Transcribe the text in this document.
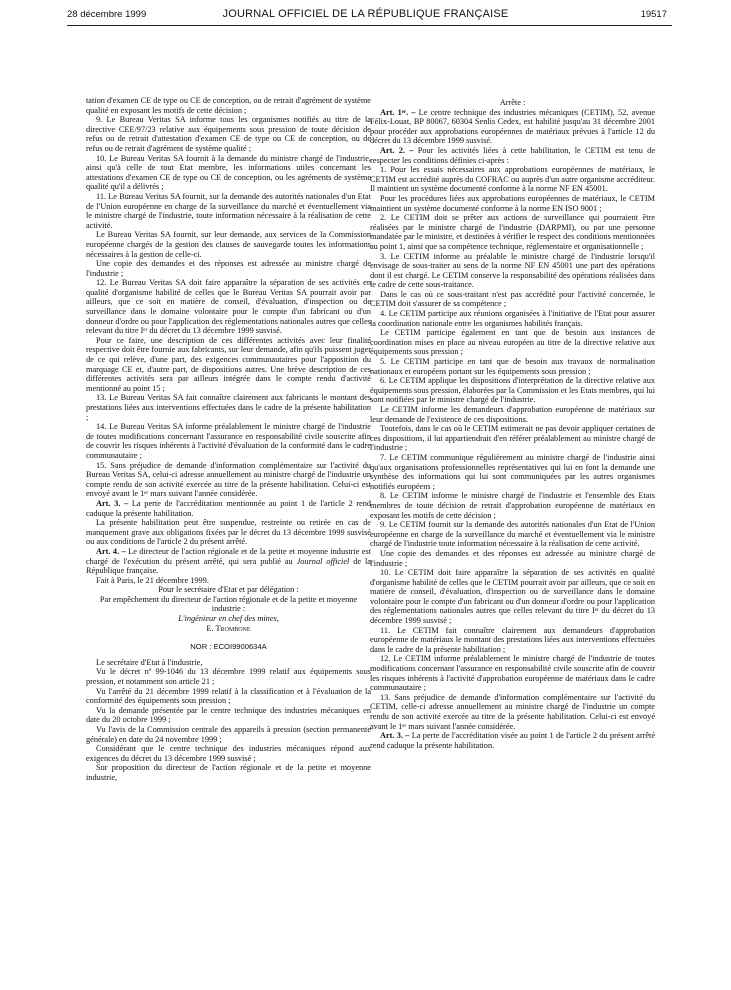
28 décembre 1999	JOURNAL OFFICIEL DE LA RÉPUBLIQUE FRANÇAISE	19517

tation d'examen CE de type ou CE de conception, ou de retrait d'agrément de système qualité en exposant les motifs de cette décision ;

9. Le Bureau Veritas SA informe tous les organismes notifiés au titre de la directive CEE/97/23 relative aux équipements sous pression de toute décision de refus ou de retrait d'attestation d'examen CE de type ou CE de conception, ou de refus ou de retrait d'agrément de système qualité ;

10. Le Bureau Veritas SA fournit à la demande du ministre chargé de l'industrie, ainsi qu'à celle de tout Etat membre, les informations utiles concernant les attestations d'examen CE de type ou CE de conception, ou les agréments de système qualité qu'il a délivrés ;

11. Le Bureau Veritas SA fournit, sur la demande des autorités nationales d'un Etat de l'Union européenne en charge de la surveillance du marché et éventuellement via le ministre chargé de l'industrie, toute information nécessaire à la réalisation de cette activité.

Le Bureau Veritas SA fournit, sur leur demande, aux services de la Commission européenne chargés de la gestion des clauses de sauvegarde toutes les informations nécessaires à la gestion de celle-ci.

Une copie des demandes et des réponses est adressée au ministre chargé de l'industrie ;

12. Le Bureau Veritas SA doit faire apparaître la séparation de ses activités en qualité d'organisme habilité de celles que le Bureau Veritas SA pourrait avoir par ailleurs, que ce soit en matière de conseil, d'évaluation, d'inspection ou de surveillance dans le domaine volontaire pour le compte d'un fabricant ou d'un donneur d'ordre ou pour l'application des réglementations nationales autres que celles relevant du titre Iᵉʳ du décret du 13 décembre 1999 susvisé.

Pour ce faire, une description de ces différentes activités avec leur finalité respective doit être fournie aux fabricants, sur leur demande, afin qu'ils puissent juger de ce qui relève, d'une part, des exigences communautaires pour l'apposition du marquage CE et, d'autre part, de dispositions autres. Une brève description de ces différentes activités sera par ailleurs intégrée dans le compte rendu d'activité mentionné au point 15 ;

13. Le Bureau Veritas SA fait connaître clairement aux fabricants le montant des prestations liées aux interventions effectuées dans le cadre de la présente habilitation ;

14. Le Bureau Veritas SA informe préalablement le ministre chargé de l'industrie de toutes modifications concernant l'assurance en responsabilité civile souscrite afin de couvrir les risques inhérents à l'activité d'évaluation de la conformité dans le cadre communautaire ;

15. Sans préjudice de demande d'information complémentaire sur l'activité du Bureau Veritas SA, celui-ci adresse annuellement au ministre chargé de l'industrie un compte rendu de son activité exercée au titre de la présente habilitation. Celui-ci est envoyé avant le 1ᵉʳ mars suivant l'année considérée.

Art. 3. – La perte de l'accréditation mentionnée au point 1 de l'article 2 rend caduque la présente habilitation.

La présente habilitation peut être suspendue, restreinte ou retirée en cas de manquement grave aux obligations fixées par le décret du 13 décembre 1999 susvisé ou aux conditions de l'article 2 du présent arrêté.

Art. 4. – Le directeur de l'action régionale et de la petite et moyenne industrie est chargé de l'exécution du présent arrêté, qui sera publié au Journal officiel de la République française.

Fait à Paris, le 21 décembre 1999.

Pour le secrétaire d'Etat et par délégation :

Par empêchement du directeur de l'action régionale et de la petite et moyenne industrie :

L'ingénieur en chef des mines,

E. Trombone

NOR : ECOI9900634A

Le secrétaire d'Etat à l'industrie,

Vu le décret nº 99-1046 du 13 décembre 1999 relatif aux équipements sous pression, et notamment son article 21 ;

Vu l'arrêté du 21 décembre 1999 relatif à la classification et à l'évaluation de la conformité des équipements sous pression ;

Vu la demande présentée par le centre technique des industries mécaniques en date du 20 octobre 1999 ;

Vu l'avis de la Commission centrale des appareils à pression (section permanente générale) en date du 24 novembre 1999 ;

Considérant que le centre technique des industries mécaniques répond aux exigences du décret du 13 décembre 1999 susvisé ;

Sur proposition du directeur de l'action régionale et de la petite et moyenne industrie,

Arrête :

Art. 1ᵉʳ. – Le centre technique des industries mécaniques (CETIM), 52, avenue Félix-Louat, BP 80067, 60304 Senlis Cedex, est habilité jusqu'au 31 décembre 2001 pour procéder aux approbations européennes de matériaux prévues à l'article 12 du décret du 13 décembre 1999 susvisé.

Art. 2. – Pour les activités liées à cette habilitation, le CETIM est tenu de respecter les conditions définies ci-après :

1. Pour les essais nécessaires aux approbations européennes de matériaux, le CETIM est accrédité auprès du COFRAC ou auprès d'un autre organisme accréditeur. Il maintient un système documenté conforme à la norme NF EN 45001.

Pour les procédures liées aux approbations européennes de matériaux, le CETIM maintient un système documenté conforme à la norme EN ISO 9001 ;

2. Le CETIM doit se prêter aux actions de surveillance qui pourraient être réalisées par le ministre chargé de l'industrie (DARPMI), ou par une personne mandatée par le ministre, et destinées à vérifier le respect des conditions mentionnées au point 1, ainsi que sa compétence technique, réglementaire et organisationnelle ;

3. Le CETIM informe au préalable le ministre chargé de l'industrie lorsqu'il envisage de sous-traiter au sens de la norme NF EN 45001 une part des opérations dont il est chargé. Le CETIM conserve la responsabilité des opérations réalisées dans le cadre de cette sous-traitance.

Dans le cas où ce sous-traitant n'est pas accrédité pour l'activité concernée, le CETIM doit s'assurer de sa compétence ;

4. Le CETIM participe aux réunions organisées à l'initiative de l'Etat pour assurer la coordination nationale entre les organismes habilités français.

Le CETIM participe également en tant que de besoin aux instances de coordination mises en place au niveau européen au titre de la directive relative aux équipements sous pression ;

5. Le CETIM participe en tant que de besoin aux travaux de normalisation nationaux et européens portant sur les équipements sous pression ;

6. Le CETIM applique les dispositions d'interprétation de la directive relative aux équipements sous pression, élaborées par la Commission et les Etats membres, qui lui sont notifiées par le ministre chargé de l'industrie.

Le CETIM informe les demandeurs d'approbation européenne de matériaux sur leur demande de l'existence de ces dispositions.

Toutefois, dans le cas où le CETIM estimerait ne pas devoir appliquer certaines de ces dispositions, il lui appartiendrait d'en référer préalablement au ministre chargé de l'industrie ;

7. Le CETIM communique régulièrement au ministre chargé de l'industrie ainsi qu'aux organisations professionnelles représentatives qui lui en font la demande une synthèse des informations qui lui sont communiquées par les autres organismes notifiés européens ;

8. Le CETIM informe le ministre chargé de l'industrie et l'ensemble des Etats membres de toute décision de retrait d'approbation européenne de matériaux en exposant les motifs de cette décision ;

9. Le CETIM fournit sur la demande des autorités nationales d'un Etat de l'Union européenne en charge de la surveillance du marché et éventuellement via le ministre chargé de l'industrie toute information nécessaire à la réalisation de cette activité.

Une copie des demandes et des réponses est adressée au ministre chargé de l'industrie ;

10. Le CETIM doit faire apparaître la séparation de ses activités en qualité d'organisme habilité de celles que le CETIM pourrait avoir par ailleurs, que ce soit en matière de conseil, d'évaluation, d'inspection ou de surveillance dans le domaine volontaire pour le compte d'un fabricant ou d'un donneur d'ordre ou pour l'application des réglementations nationales autres que celles relevant du titre Iᵉʳ du décret du 13 décembre 1999 susvisé ;

11. Le CETIM fait connaître clairement aux demandeurs d'approbation européenne de matériaux le montant des prestations liées aux interventions effectuées dans le cadre de la présente habilitation ;

12. Le CETIM informe préalablement le ministre chargé de l'industrie de toutes modifications concernant l'assurance en responsabilité civile souscrite afin de couvrir les risques inhérents à l'activité d'approbation européenne de matériaux dans le cadre communautaire ;

13. Sans préjudice de demande d'information complémentaire sur l'activité du CETIM, celle-ci adresse annuellement au ministre chargé de l'industrie un compte rendu de son activité exercée au titre de la présente habilitation. Celui-ci est envoyé avant le 1ᵉʳ mars suivant l'année considérée.

Art. 3. – La perte de l'accréditation visée au point 1 de l'article 2 du présent arrêté rend caduque la présente habilitation.
